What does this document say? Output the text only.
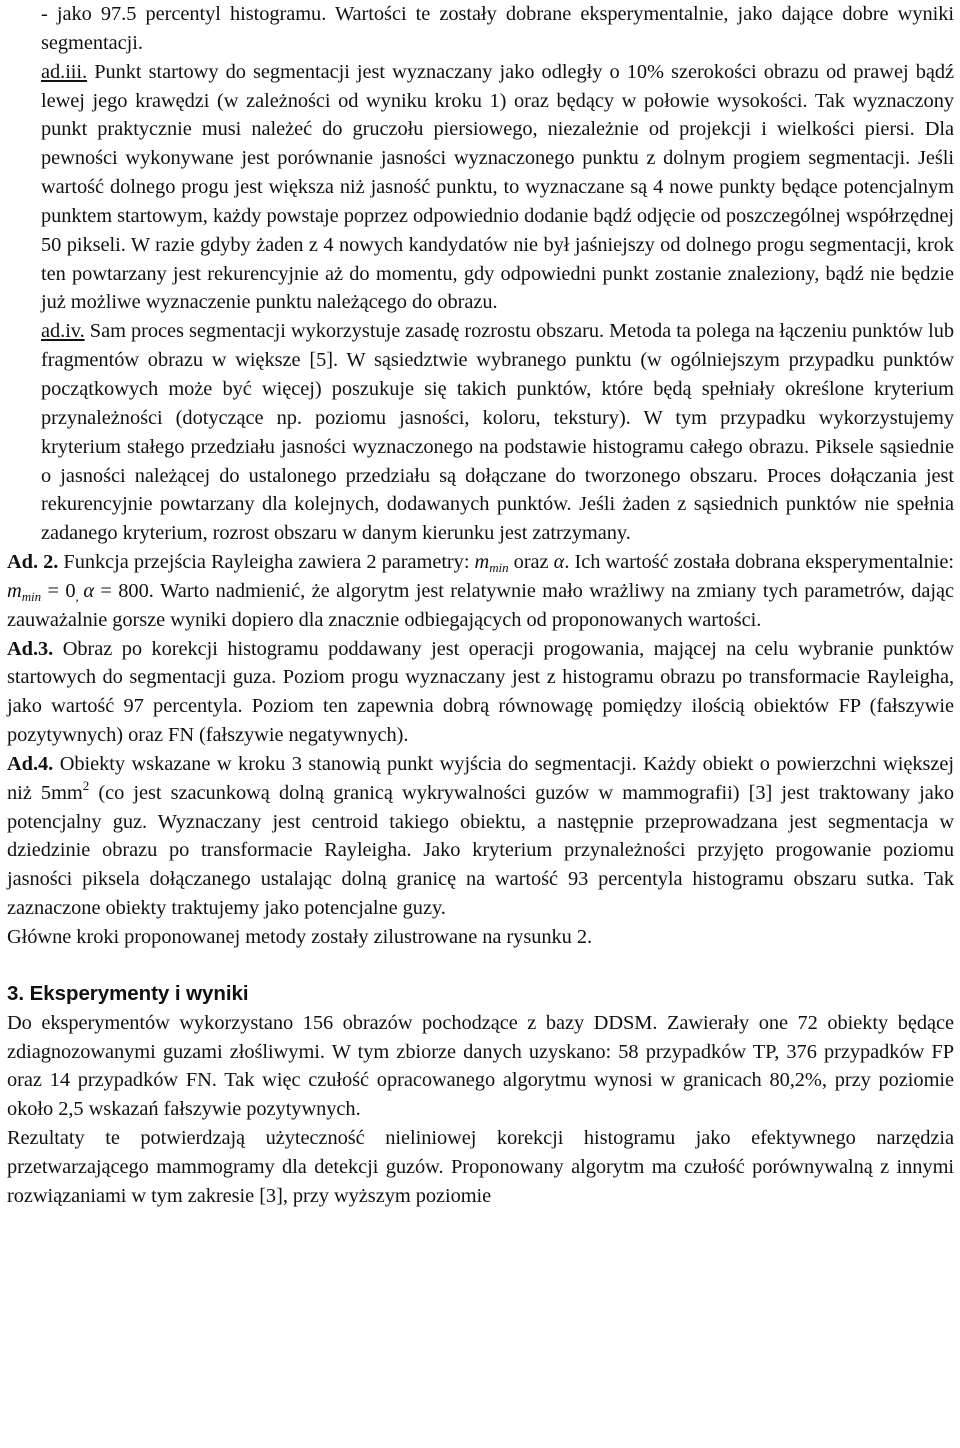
- jako 97.5 percentyl histogramu. Wartości te zostały dobrane eksperymentalnie, jako dające dobre wyniki segmentacji.

ad.iii. Punkt startowy do segmentacji jest wyznaczany jako odległy o 10% szerokości obrazu od prawej bądź lewej jego krawędzi (w zależności od wyniku kroku 1) oraz będący w połowie wysokości. Tak wyznaczony punkt praktycznie musi należeć do gruczołu piersiowego, niezależnie od projekcji i wielkości piersi. Dla pewności wykonywane jest porównanie jasności wyznaczonego punktu z dolnym progiem segmentacji. Jeśli wartość dolnego progu jest większa niż jasność punktu, to wyznaczane są 4 nowe punkty będące potencjalnym punktem startowym, każdy powstaje poprzez odpowiednio dodanie bądź odjęcie od poszczególnej współrzędnej 50 pikseli. W razie gdyby żaden z 4 nowych kandydatów nie był jaśniejszy od dolnego progu segmentacji, krok ten powtarzany jest rekurencyjnie aż do momentu, gdy odpowiedni punkt zostanie znaleziony, bądź nie będzie już możliwe wyznaczenie punktu należącego do obrazu.

ad.iv. Sam proces segmentacji wykorzystuje zasadę rozrostu obszaru. Metoda ta polega na łączeniu punktów lub fragmentów obrazu w większe [5]. W sąsiedztwie wybranego punktu (w ogólniejszym przypadku punktów początkowych może być więcej) poszukuje się takich punktów, które będą spełniały określone kryterium przynależności (dotyczące np. poziomu jasności, koloru, tekstury). W tym przypadku wykorzystujemy kryterium stałego przedziału jasności wyznaczonego na podstawie histogramu całego obrazu. Piksele sąsiednie o jasności należącej do ustalonego przedziału są dołączane do tworzonego obszaru. Proces dołączania jest rekurencyjnie powtarzany dla kolejnych, dodawanych punktów. Jeśli żaden z sąsiednich punktów nie spełnia zadanego kryterium, rozrost obszaru w danym kierunku jest zatrzymany.

Ad. 2. Funkcja przejścia Rayleigha zawiera 2 parametry: $m_{min}$ oraz α. Ich wartość została dobrana eksperymentalnie: $m_{min} = 0_,$ α = 800. Warto nadmienić, że algorytm jest relatywnie mało wrażliwy na zmiany tych parametrów, dając zauważalnie gorsze wyniki dopiero dla znacznie odbiegających od proponowanych wartości.

Ad.3. Obraz po korekcji histogramu poddawany jest operacji progowania, mającej na celu wybranie punktów startowych do segmentacji guza. Poziom progu wyznaczany jest z histogramu obrazu po transformacie Rayleigha, jako wartość 97 percentyla. Poziom ten zapewnia dobrą równowagę pomiędzy ilością obiektów FP (fałszywie pozytywnych) oraz FN (fałszywie negatywnych).

Ad.4. Obiekty wskazane w kroku 3 stanowią punkt wyjścia do segmentacji. Każdy obiekt o powierzchni większej niż $5mm^2$ (co jest szacunkową dolną granicą wykrywalności guzów w mammografii) [3] jest traktowany jako potencjalny guz. Wyznaczany jest centroid takiego obiektu, a następnie przeprowadzana jest segmentacja w dziedzinie obrazu po transformacie Rayleigha. Jako kryterium przynależności przyjęto progowanie poziomu jasności piksela dołączanego ustalając dolną granicę na wartość 93 percentyla histogramu obszaru sutka. Tak zaznaczone obiekty traktujemy jako potencjalne guzy.

Główne kroki proponowanej metody zostały zilustrowane na rysunku 2.

3. Eksperymenty i wyniki

Do eksperymentów wykorzystano 156 obrazów pochodzące z bazy DDSM. Zawierały one 72 obiekty będące zdiagnozowanymi guzami złośliwymi. W tym zbiorze danych uzyskano: 58 przypadków TP, 376 przypadków FP oraz 14 przypadków FN. Tak więc czułość opracowanego algorytmu wynosi w granicach 80,2%, przy poziomie około 2,5 wskazań fałszywie pozytywnych.

Rezultaty te potwierdzają użyteczność nieliniowej korekcji histogramu jako efektywnego narzędzia przetwarzającego mammogramy dla detekcji guzów. Proponowany algorytm ma czułość porównywalną z innymi rozwiązaniami w tym zakresie [3], przy wyższym poziomie
